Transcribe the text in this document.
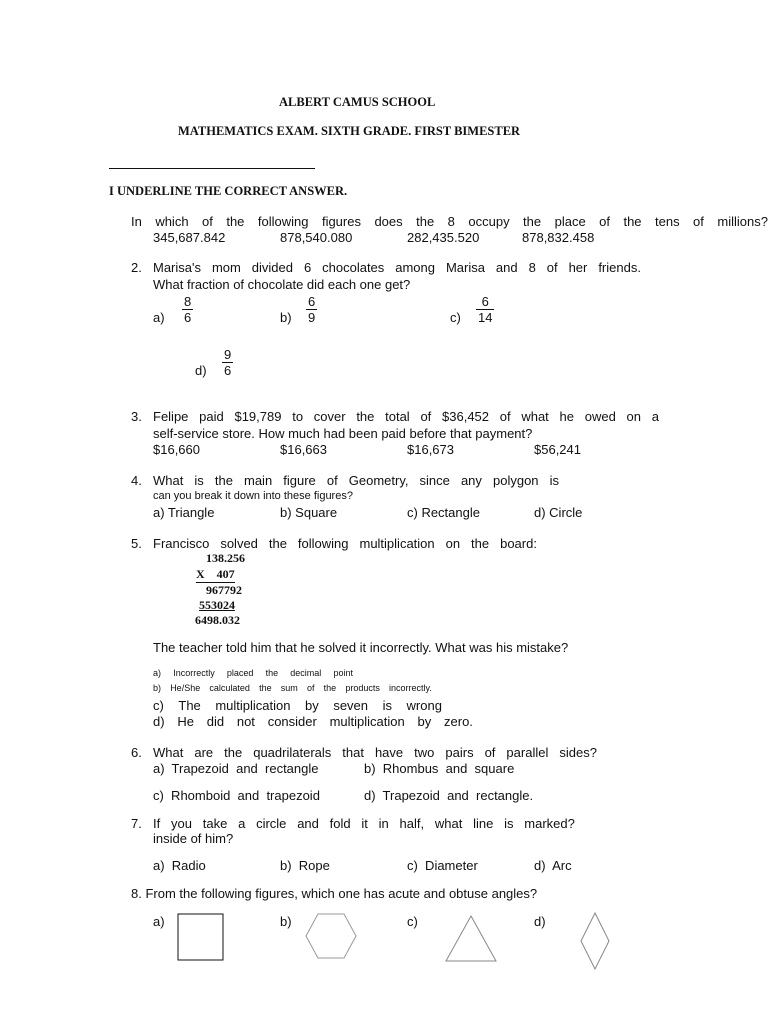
ALBERT CAMUS SCHOOL
MATHEMATICS EXAM. SIXTH GRADE. FIRST BIMESTER
I UNDERLINE THE CORRECT ANSWER.
In which of the following figures does the 8 occupy the place of the tens of millions?
345,687.842	878,540.080	282,435.520	878,832.458
2. Marisa's mom divided 6 chocolates among Marisa and 8 of her friends.
What fraction of chocolate did each one get?
$a) \frac{8}{6}$	$b) \frac{6}{9}$	$c) \frac{6}{14}$
$d) \frac{9}{6}$
3. Felipe paid $19,789 to cover the total of $36,452 of what he owed on a
self-service store. How much had been paid before that payment?
$16,660	$16,663	$16,673	$56,241
4. What is the main figure of Geometry, since any polygon is
can you break it down into these figures?
a) Triangle	b) Square	c) Rectangle	d) Circle
5. Francisco solved the following multiplication on the board:
138.256
X    407
967792
553024
6498.032
The teacher told him that he solved it incorrectly. What was his mistake?
a) Incorrectly placed the decimal point
b) He/She calculated the sum of the products incorrectly.
c) The multiplication by seven is wrong
d) He did not consider multiplication by zero.
6. What are the quadrilaterals that have two pairs of parallel sides?
a)  Trapezoid  and  rectangle	b)  Rhombus  and  square
c)  Rhomboid  and  trapezoid	d)  Trapezoid  and  rectangle.
7. If you take a circle and fold it in half, what line is marked?
inside of him?
a)  Radio	b)  Rope	c)  Diameter	d)  Arc
8. From the following figures, which one has acute and obtuse angles?
a)	b)	c)	d)
